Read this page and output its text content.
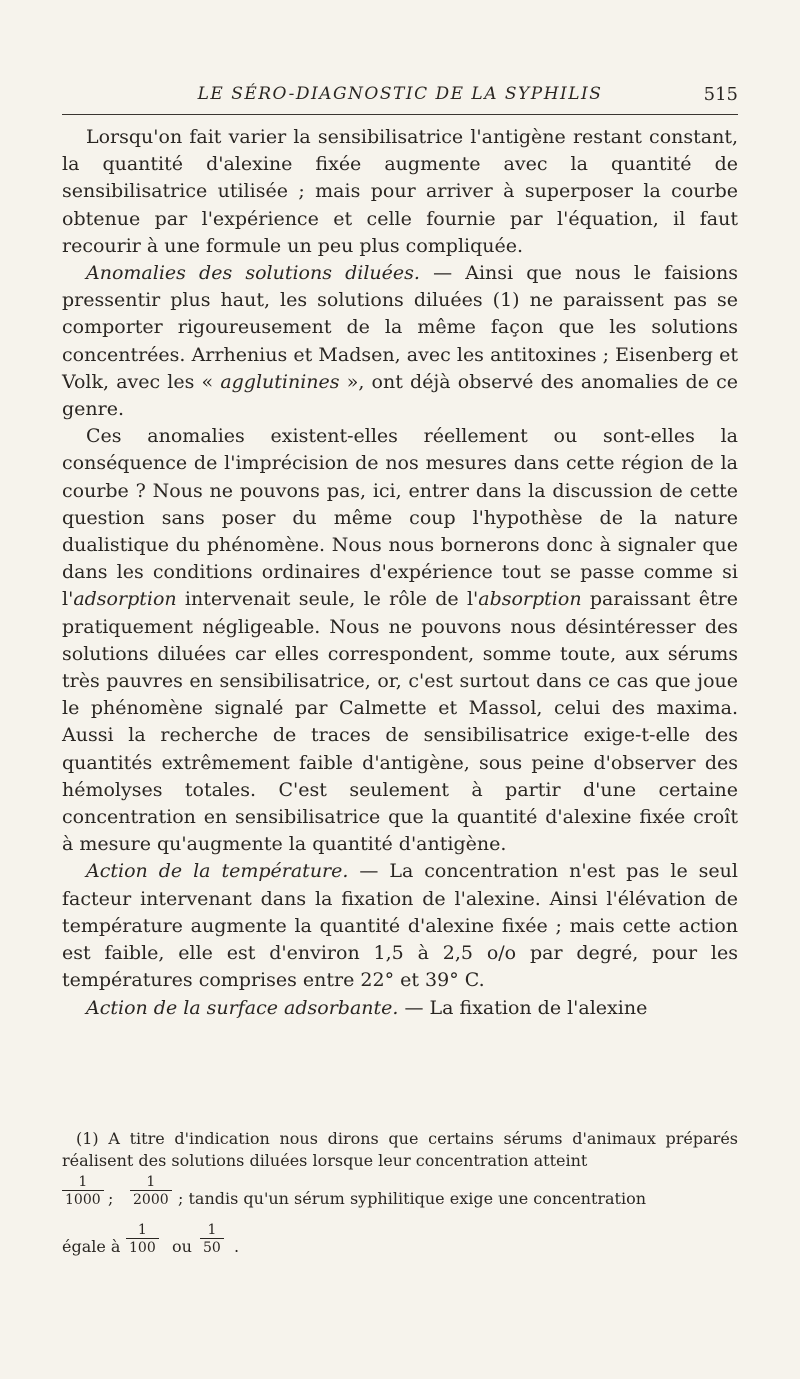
LE SÉRO-DIAGNOSTIC DE LA SYPHILIS	515

Lorsqu'on fait varier la sensibilisatrice l'antigène restant constant, la quantité d'alexine fixée augmente avec la quantité de sensibilisatrice utilisée ; mais pour arriver à superposer la courbe obtenue par l'expérience et celle fournie par l'équation, il faut recourir à une formule un peu plus compliquée.

Anomalies des solutions diluées. — Ainsi que nous le faisions pressentir plus haut, les solutions diluées (1) ne paraissent pas se comporter rigoureusement de la même façon que les solutions concentrées. Arrhenius et Madsen, avec les antitoxines ; Eisenberg et Volk, avec les « agglutinines », ont déjà observé des anomalies de ce genre.

Ces anomalies existent-elles réellement ou sont-elles la conséquence de l'imprécision de nos mesures dans cette région de la courbe ? Nous ne pouvons pas, ici, entrer dans la discussion de cette question sans poser du même coup l'hypothèse de la nature dualistique du phénomène. Nous nous bornerons donc à signaler que dans les conditions ordinaires d'expérience tout se passe comme si l'adsorption intervenait seule, le rôle de l'absorption paraissant être pratiquement négligeable. Nous ne pouvons nous désintéresser des solutions diluées car elles correspondent, somme toute, aux sérums très pauvres en sensibilisatrice, or, c'est surtout dans ce cas que joue le phénomène signalé par Calmette et Massol, celui des maxima. Aussi la recherche de traces de sensibilisatrice exige-t-elle des quantités extrêmement faible d'antigène, sous peine d'observer des hémolyses totales. C'est seulement à partir d'une certaine concentration en sensibilisatrice que la quantité d'alexine fixée croît à mesure qu'augmente la quantité d'antigène.

Action de la température. — La concentration n'est pas le seul facteur intervenant dans la fixation de l'alexine. Ainsi l'élévation de température augmente la quantité d'alexine fixée ; mais cette action est faible, elle est d'environ 1,5 à 2,5 o/o par degré, pour les températures comprises entre 22° et 39° C.

Action de la surface adsorbante. — La fixation de l'alexine

(1) A titre d'indication nous dirons que certains sérums d'animaux préparés réalisent des solutions diluées lorsque leur concentration atteint

$\frac{1}{1000}$ ; $\frac{1}{2000}$ ; tandis qu'un sérum syphilitique exige une concentration
égale à $\frac{1}{100}$ ou $\frac{1}{50}$ .
